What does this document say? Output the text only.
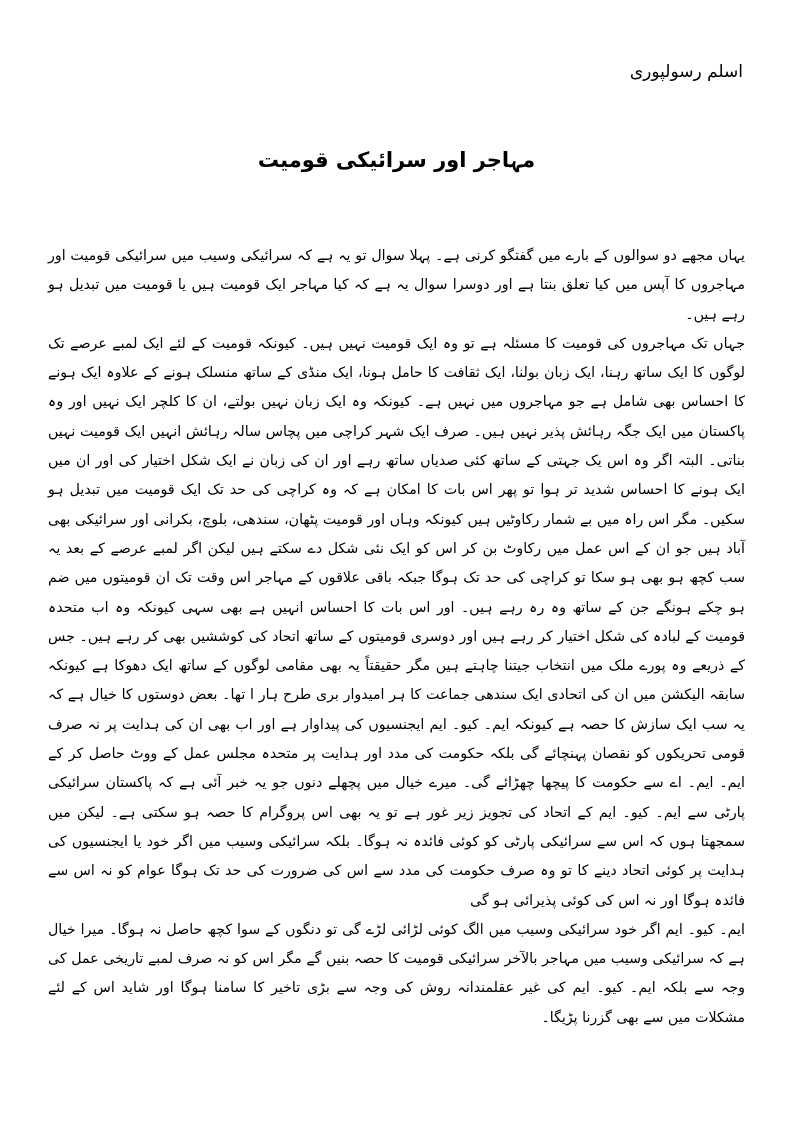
اسلم رسولپوری
مہاجر اور سرائیکی قومیت

یہاں مجھے دو سوالوں کے بارے میں گفتگو کرنی ہے۔ پہلا سوال تو یہ ہے کہ سرائیکی وسیب میں سرائیکی قومیت اور مہاجروں کا آپس میں کیا تعلق بنتا ہے اور دوسرا سوال یہ ہے کہ کیا مہاجر ایک قومیت ہیں یا قومیت میں تبدیل ہو رہے ہیں۔

جہاں تک مہاجروں کی قومیت کا مسئلہ ہے تو وہ ایک قومیت نہیں ہیں۔ کیونکہ قومیت کے لئے ایک لمبے عرصے تک لوگوں کا ایک ساتھ رہنا، ایک زبان بولنا، ایک ثقافت کا حامل ہونا، ایک منڈی کے ساتھ منسلک ہونے کے علاوہ ایک ہونے کا احساس بھی شامل ہے جو مہاجروں میں نہیں ہے۔ کیونکہ وہ ایک زبان نہیں بولتے، ان کا کلچر ایک نہیں اور وہ پاکستان میں ایک جگہ رہائش پذیر نہیں ہیں۔ صرف ایک شہر کراچی میں پچاس سالہ رہائش انہیں ایک قومیت نہیں بناتی۔ البتہ اگر وہ اس یک جہتی کے ساتھ کئی صدیاں ساتھ رہے اور ان کی زبان نے ایک شکل اختیار کی اور ان میں ایک ہونے کا احساس شدید تر ہوا تو پھر اس بات کا امکان ہے کہ وہ کراچی کی حد تک ایک قومیت میں تبدیل ہو سکیں۔ مگر اس راہ میں بے شمار رکاوٹیں ہیں کیونکہ وہاں اور قومیت پٹھان، سندھی، بلوچ، بکرانی اور سرائیکی بھی آباد ہیں جو ان کے اس عمل میں رکاوٹ بن کر اس کو ایک نئی شکل دے سکتے ہیں لیکن اگر لمبے عرصے کے بعد یہ سب کچھ ہو بھی ہو سکا تو کراچی کی حد تک ہوگا جبکہ باقی علاقوں کے مہاجر اس وقت تک ان قومیتوں میں ضم ہو چکے ہونگے جن کے ساتھ وہ رہ رہے ہیں۔ اور اس بات کا احساس انہیں ہے بھی سہی کیونکہ وہ اب متحدہ قومیت کے لبادہ کی شکل اختیار کر رہے ہیں اور دوسری قومیتوں کے ساتھ اتحاد کی کوششیں بھی کر رہے ہیں۔ جس کے ذریعے وہ پورے ملک میں انتخاب جیتنا چاہتے ہیں مگر حقیقتاً یہ بھی مقامی لوگوں کے ساتھ ایک دھوکا ہے کیونکہ سابقہ الیکشن میں ان کی اتحادی ایک سندھی جماعت کا ہر امیدوار بری طرح ہار ا تھا۔ بعض دوستوں کا خیال ہے کہ یہ سب ایک سازش کا حصہ ہے کیونکہ ایم۔ کیو۔ ایم ایجنسیوں کی پیداوار ہے اور اب بھی ان کی ہدایت پر نہ صرف قومی تحریکوں کو نقصان پہنچائے گی بلکہ حکومت کی مدد اور ہدایت پر متحدہ مجلس عمل کے ووٹ حاصل کر کے ایم۔ ایم۔ اے سے حکومت کا پیچھا چھڑائے گی۔ میرے خیال میں پچھلے دنوں جو یہ خبر آئی ہے کہ پاکستان سرائیکی پارٹی سے ایم۔ کیو۔ ایم کے اتحاد کی تجویز زیر غور ہے تو یہ بھی اس پروگرام کا حصہ ہو سکتی ہے۔ لیکن میں سمجھتا ہوں کہ اس سے سرائیکی پارٹی کو کوئی فائدہ نہ ہوگا۔ بلکہ سرائیکی وسیب میں اگر خود یا ایجنسیوں کی ہدایت پر کوئی اتحاد دینے کا تو وہ صرف حکومت کی مدد سے اس کی ضرورت کی حد تک ہوگا عوام کو نہ اس سے فائدہ ہوگا اور نہ اس کی کوئی پذیرائی ہو گی

ایم۔ کیو۔ ایم اگر خود سرائیکی وسیب میں الگ کوئی لڑائی لڑے گی تو دنگوں کے سوا کچھ حاصل نہ ہوگا۔ میرا خیال ہے کہ سرائیکی وسیب میں مہاجر بالآخر سرائیکی قومیت کا حصہ بنیں گے مگر اس کو نہ صرف لمبے تاریخی عمل کی وجہ سے بلکہ ایم۔ کیو۔ ایم کی غیر عقلمندانہ روش کی وجہ سے بڑی تاخیر کا سامنا ہوگا اور شاید اس کے لئے مشکلات میں سے بھی گزرنا پڑیگا۔
